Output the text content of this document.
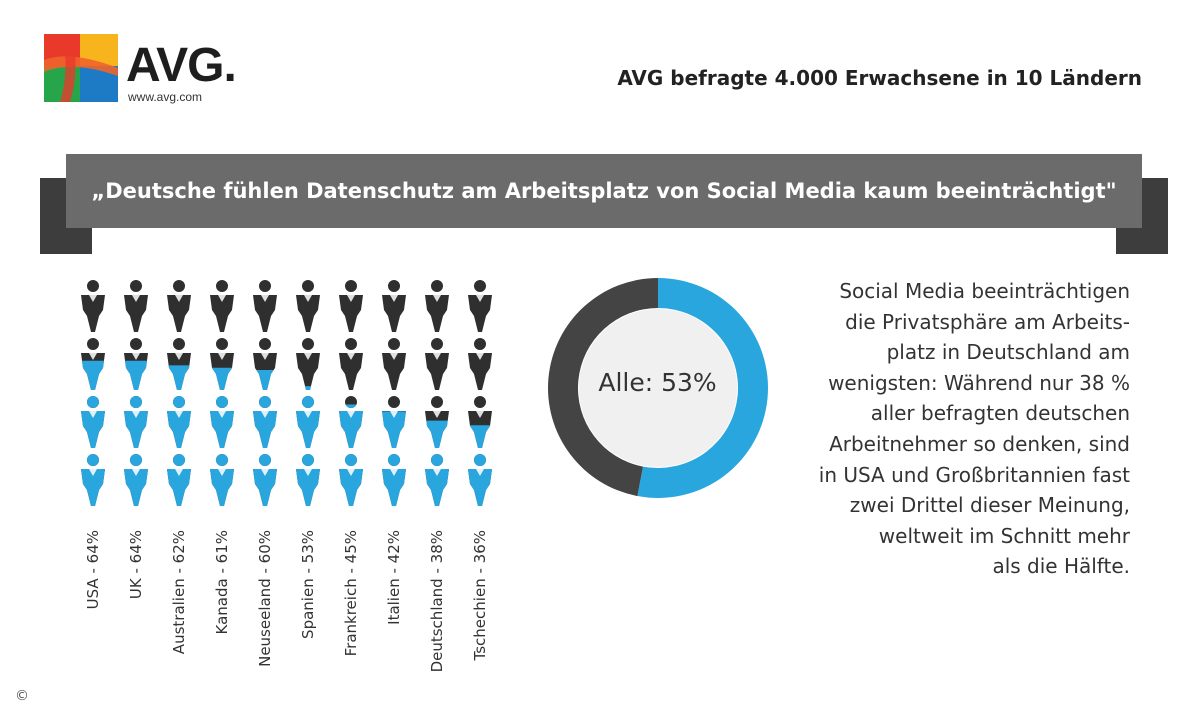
AVG.
www.avg.com
AVG befragte 4.000 Erwachsene in 10 Ländern
„Deutsche fühlen Datenschutz am Arbeitsplatz von Social Media kaum beeinträchtigt"
USA - 64% UK - 64% Australien - 62% Kanada - 61% Neuseeland - 60% Spanien - 53% Frankreich - 45% Italien - 42% Deutschland - 38% Tschechien - 36%
Alle: 53%
Social Media beeinträchtigen
die Privatsphäre am Arbeits-
platz in Deutschland am
wenigsten: Während nur 38 %
aller befragten deutschen
Arbeitnehmer so denken, sind
in USA und Großbritannien fast
zwei Drittel dieser Meinung,
weltweit im Schnitt mehr
als die Hälfte.
©
